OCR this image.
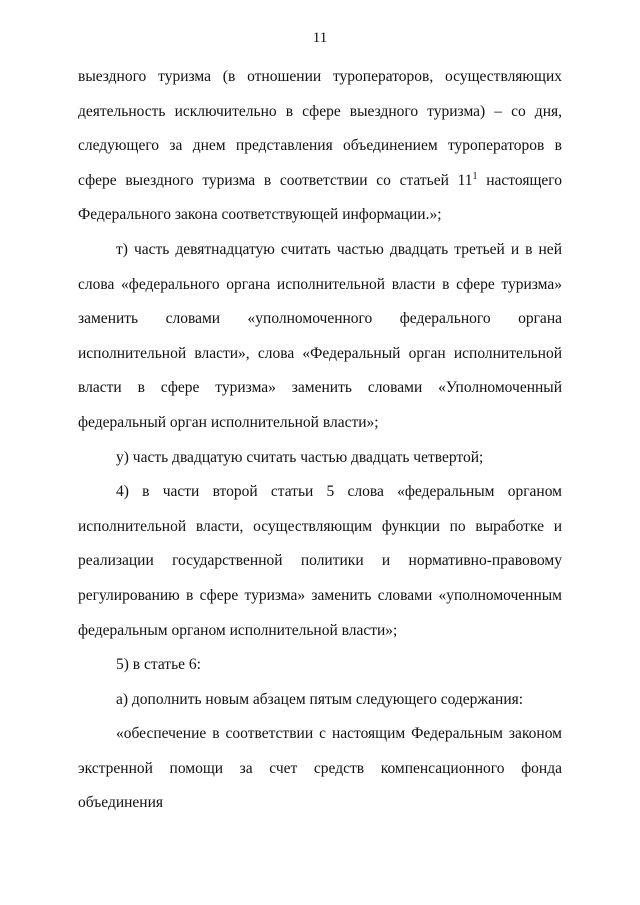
11

выездного туризма (в отношении туроператоров, осуществляющих деятельность исключительно в сфере выездного туризма) – со дня, следующего за днем представления объединением туроператоров в сфере выездного туризма в соответствии со статьей $11^1$ настоящего Федерального закона соответствующей информации.»;

т) часть девятнадцатую считать частью двадцать третьей и в ней слова «федерального органа исполнительной власти в сфере туризма» заменить словами «уполномоченного федерального органа исполнительной власти», слова «Федеральный орган исполнительной власти в сфере туризма» заменить словами «Уполномоченный федеральный орган исполнительной власти»;

у) часть двадцатую считать частью двадцать четвертой;

4) в части второй статьи 5 слова «федеральным органом исполнительной власти, осуществляющим функции по выработке и реализации государственной политики и нормативно-правовому регулированию в сфере туризма» заменить словами «уполномоченным федеральным органом исполнительной власти»;

5) в статье 6:

а) дополнить новым абзацем пятым следующего содержания:

«обеспечение в соответствии с настоящим Федеральным законом экстренной помощи за счет средств компенсационного фонда объединения
